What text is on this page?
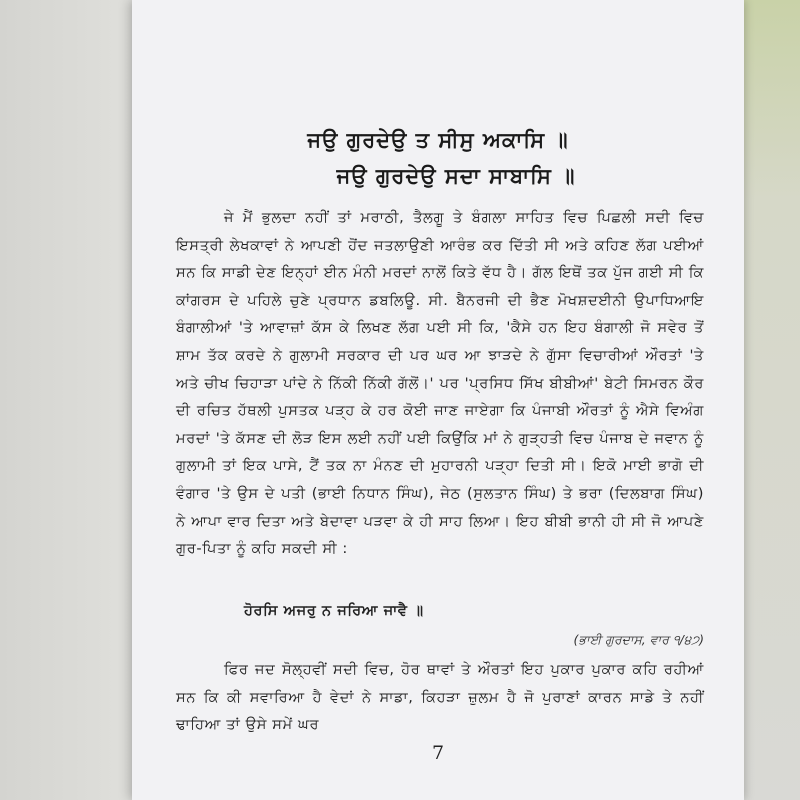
ਜਉ ਗੁਰਦੇਉ ਤ ਸੀਸੁ ਅਕਾਸਿ ॥
ਜਉ ਗੁਰਦੇਉ ਸਦਾ ਸਾਬਾਸਿ ॥

ਜੇ ਮੈਂ ਭੁਲਦਾ ਨਹੀਂ ਤਾਂ ਮਰਾਠੀ, ਤੈਲਗੂ ਤੇ ਬੰਗਲਾ ਸਾਹਿਤ ਵਿਚ ਪਿਛਲੀ ਸਦੀ ਵਿਚ ਇਸਤ੍ਰੀ ਲੇਖਕਾਵਾਂ ਨੇ ਆਪਣੀ ਹੋਂਦ ਜਤਲਾਉਣੀ ਆਰੰਭ ਕਰ ਦਿੱਤੀ ਸੀ ਅਤੇ ਕਹਿਣ ਲੱਗ ਪਈਆਂ ਸਨ ਕਿ ਸਾਡੀ ਦੇਣ ਇਨ੍ਹਾਂ ਈਨ ਮੰਨੀ ਮਰਦਾਂ ਨਾਲੋਂ ਕਿਤੇ ਵੱਧ ਹੈ। ਗੱਲ ਇਥੋਂ ਤਕ ਪੁੱਜ ਗਈ ਸੀ ਕਿ ਕਾਂਗਰਸ ਦੇ ਪਹਿਲੇ ਚੁਣੇ ਪ੍ਰਧਾਨ ਡਬਲਿਊ. ਸੀ. ਬੈਨਰਜੀ ਦੀ ਭੈਣ ਮੋਖਸ਼ਦਈਨੀ ਉਪਾਧਿਆਇ ਬੰਗਾਲੀਆਂ 'ਤੇ ਆਵਾਜ਼ਾਂ ਕੱਸ ਕੇ ਲਿਖਣ ਲੱਗ ਪਈ ਸੀ ਕਿ, 'ਕੈਸੇ ਹਨ ਇਹ ਬੰਗਾਲੀ ਜੋ ਸਵੇਰ ਤੋਂ ਸ਼ਾਮ ਤੱਕ ਕਰਦੇ ਨੇ ਗੁਲਾਮੀ ਸਰਕਾਰ ਦੀ ਪਰ ਘਰ ਆ ਝਾੜਦੇ ਨੇ ਗੁੱਸਾ ਵਿਚਾਰੀਆਂ ਔਰਤਾਂ 'ਤੇ ਅਤੇ ਚੀਖ ਚਿਹਾੜਾ ਪਾਂਦੇ ਨੇ ਨਿੱਕੀ ਨਿੱਕੀ ਗੱਲੋਂ।' ਪਰ 'ਪ੍ਰਸਿਧ ਸਿੱਖ ਬੀਬੀਆਂ' ਬੇਟੀ ਸਿਮਰਨ ਕੌਰ ਦੀ ਰਚਿਤ ਹੱਥਲੀ ਪੁਸਤਕ ਪੜ੍ਹ ਕੇ ਹਰ ਕੋਈ ਜਾਣ ਜਾਏਗਾ ਕਿ ਪੰਜਾਬੀ ਔਰਤਾਂ ਨੂੰ ਐਸੇ ਵਿਅੰਗ ਮਰਦਾਂ 'ਤੇ ਕੱਸਣ ਦੀ ਲੋੜ ਇਸ ਲਈ ਨਹੀਂ ਪਈ ਕਿਉਂਕਿ ਮਾਂ ਨੇ ਗੁੜ੍ਹਤੀ ਵਿਚ ਪੰਜਾਬ ਦੇ ਜਵਾਨ ਨੂੰ ਗੁਲਾਮੀ ਤਾਂ ਇਕ ਪਾਸੇ, ਟੈਂ ਤਕ ਨਾ ਮੰਨਣ ਦੀ ਮੁਹਾਰਨੀ ਪੜ੍ਹਾ ਦਿਤੀ ਸੀ। ਇਕੋ ਮਾਈ ਭਾਗੋ ਦੀ ਵੰਗਾਰ 'ਤੇ ਉਸ ਦੇ ਪਤੀ (ਭਾਈ ਨਿਧਾਨ ਸਿੰਘ), ਜੇਠ (ਸੁਲਤਾਨ ਸਿੰਘ) ਤੇ ਭਰਾ (ਦਿਲਬਾਗ ਸਿੰਘ) ਨੇ ਆਪਾ ਵਾਰ ਦਿਤਾ ਅਤੇ ਬੇਦਾਵਾ ਪੜਵਾ ਕੇ ਹੀ ਸਾਹ ਲਿਆ। ਇਹ ਬੀਬੀ ਭਾਨੀ ਹੀ ਸੀ ਜੋ ਆਪਣੇ ਗੁਰ-ਪਿਤਾ ਨੂੰ ਕਹਿ ਸਕਦੀ ਸੀ :

ਹੋਰਸਿ ਅਜਰੁ ਨ ਜਰਿਆ ਜਾਵੈ ॥
(ਭਾਈ ਗੁਰਦਾਸ, ਵਾਰ ੧/੪੭)

ਫਿਰ ਜਦ ਸੋਲ੍ਹਵੀਂ ਸਦੀ ਵਿਚ, ਹੋਰ ਥਾਵਾਂ ਤੇ ਔਰਤਾਂ ਇਹ ਪੁਕਾਰ ਪੁਕਾਰ ਕਹਿ ਰਹੀਆਂ ਸਨ ਕਿ ਕੀ ਸਵਾਰਿਆ ਹੈ ਵੇਦਾਂ ਨੇ ਸਾਡਾ, ਕਿਹੜਾ ਜ਼ੁਲਮ ਹੈ ਜੋ ਪੁਰਾਣਾਂ ਕਾਰਨ ਸਾਡੇ ਤੇ ਨਹੀਂ ਢਾਹਿਆ ਤਾਂ ਉਸੇ ਸਮੇਂ ਘਰ

7
